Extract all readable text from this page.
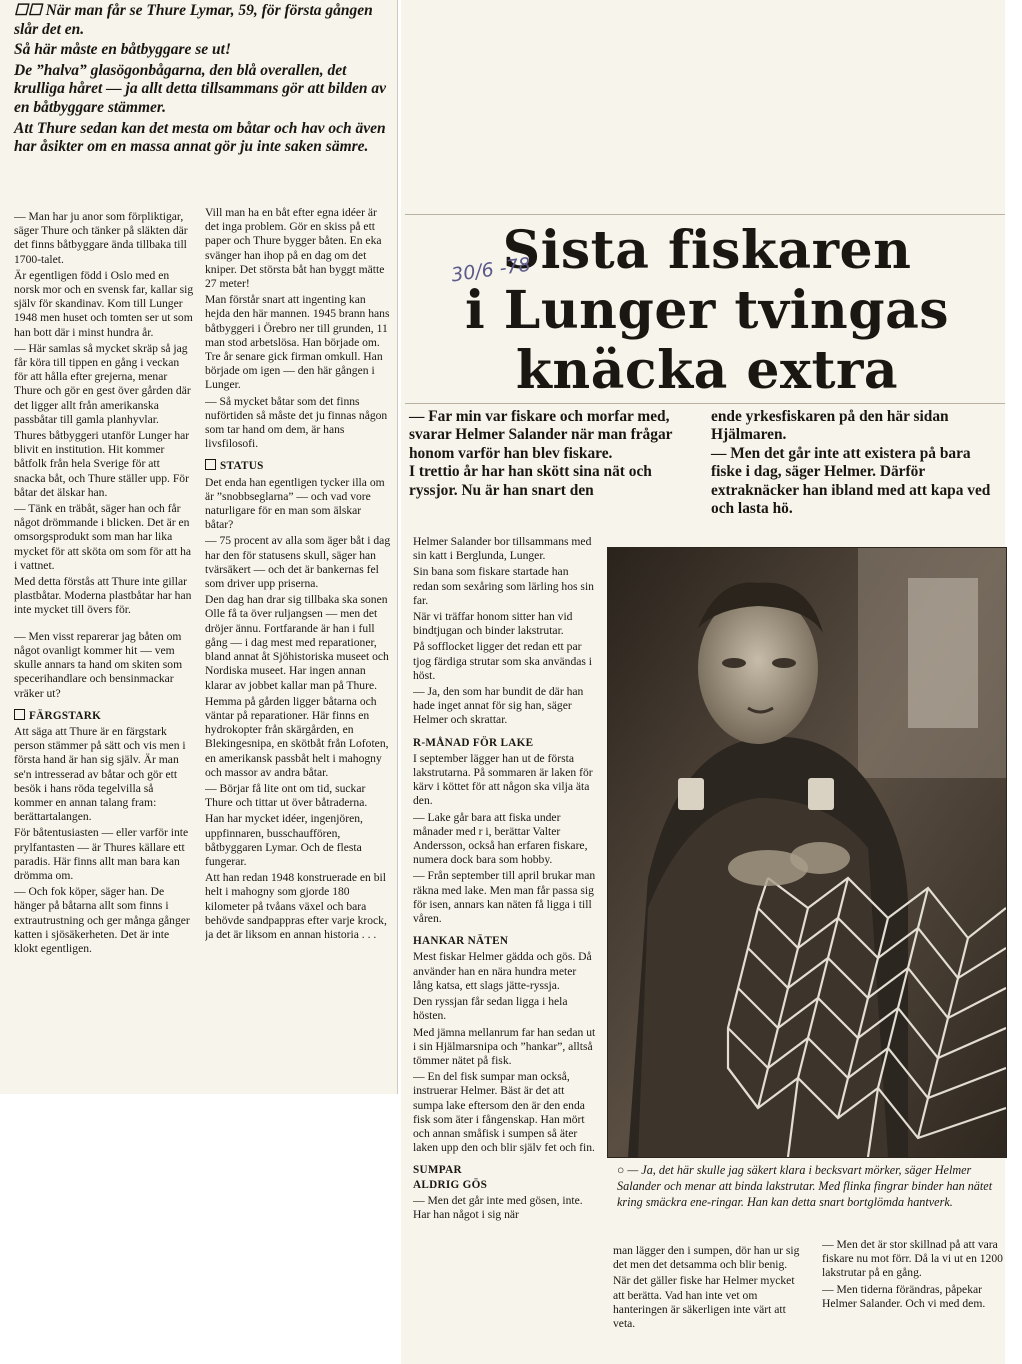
☐☐ När man får se Thure Lymar, 59, för första gången slår det en.

Så här måste en båtbyggare se ut!

De ”halva” glasögonbågarna, den blå overallen, det krulliga håret — ja allt detta tillsammans gör att bilden av en båtbyggare stämmer.

Att Thure sedan kan det mesta om båtar och hav och även har åsikter om en massa annat gör ju inte saken sämre.

— Man har ju anor som förpliktigar, säger Thure och tänker på släkten där det finns båtbyggare ända tillbaka till 1700-talet.

Är egentligen född i Oslo med en norsk mor och en svensk far, kallar sig själv för skandinav. Kom till Lunger 1948 men huset och tomten ser ut som han bott där i minst hundra år.

— Här samlas så mycket skräp så jag får köra till tippen en gång i veckan för att hålla efter grejerna, menar Thure och gör en gest över gården där det ligger allt från amerikanska passbåtar till gamla planhyvlar.

Thures båtbyggeri utanför Lunger har blivit en institution. Hit kommer båtfolk från hela Sverige för att snacka båt, och Thure ställer upp. För båtar det älskar han.

— Tänk en träbåt, säger han och får något drömmande i blicken. Det är en omsorgsprodukt som man har lika mycket för att sköta om som för att ha i vattnet.

Med detta förstås att Thure inte gillar plastbåtar. Moderna plastbåtar har han inte mycket till övers för.

— Men visst reparerar jag båten om något ovanligt kommer hit — vem skulle annars ta hand om skiten som specerihandlare och bensinmackar vräker ut?

FÄRGSTARK

Att säga att Thure är en färgstark person stämmer på sätt och vis men i första hand är han sig själv. Är man se'n intresserad av båtar och gör ett besök i hans röda tegelvilla så kommer en annan talang fram: berättartalangen.

För båtentusiasten — eller varför inte prylfantasten — är Thures källare ett paradis. Här finns allt man bara kan drömma om.

— Och fok köper, säger han. De hänger på båtarna allt som finns i extrautrustning och ger många gånger katten i sjösäkerheten. Det är inte klokt egentligen.

Vill man ha en båt efter egna idéer är det inga problem. Gör en skiss på ett paper och Thure bygger båten. En eka svänger han ihop på en dag om det kniper. Det största båt han byggt mätte 27 meter!

Man förstår snart att ingenting kan hejda den här mannen. 1945 brann hans båtbyggeri i Örebro ner till grunden, 11 man stod arbetslösa. Han började om. Tre år senare gick firman omkull. Han började om igen — den här gången i Lunger.

— Så mycket båtar som det finns nuförtiden så måste det ju finnas någon som tar hand om dem, är hans livsfilosofi.

STATUS

Det enda han egentligen tycker illa om är ”snobbseglarna” — och vad vore naturligare för en man som älskar båtar?

— 75 procent av alla som äger båt i dag har den för statusens skull, säger han tvärsäkert — och det är bankernas fel som driver upp priserna.

Den dag han drar sig tillbaka ska sonen Olle få ta över ruljangsen — men det dröjer ännu. Fortfarande är han i full gång — i dag mest med reparationer, bland annat åt Sjöhistoriska museet och Nordiska museet. Har ingen annan klarar av jobbet kallar man på Thure.

Hemma på gården ligger båtarna och väntar på reparationer. Här finns en hydrokopter från skärgården, en Blekingesnipa, en skötbåt från Lofoten, en amerikansk passbåt helt i mahogny och massor av andra båtar.

— Börjar få lite ont om tid, suckar Thure och tittar ut över båtraderna.

Han har mycket idéer, ingenjören, uppfinnaren, busschauffören, båtbyggaren Lymar. Och de flesta fungerar.

Att han redan 1948 konstruerade en bil helt i mahogny som gjorde 180 kilometer på tvåans växel och bara behövde sandpappras efter varje krock, ja det är liksom en annan historia . . .

Sista fiskaren
i Lunger tvingas
knäcka extra
30/6 -78

— Far min var fiskare och morfar med, svarar Helmer Salander när man frågar honom varför han blev fiskare.
I trettio år har han skött sina nät och ryssjor. Nu är han snart den

ende yrkesfiskaren på den här sidan Hjälmaren.
— Men det går inte att existera på bara fiske i dag, säger Helmer. Därför extraknäcker han ibland med att kapa ved och lasta hö.

Helmer Salander bor tillsammans med sin katt i Berglunda, Lunger.

Sin bana som fiskare startade han redan som sexåring som lärling hos sin far.

När vi träffar honom sitter han vid bindtjugan och binder lakstrutar.

På sofflocket ligger det redan ett par tjog färdiga strutar som ska användas i höst.

— Ja, den som har bundit de där han hade inget annat för sig han, säger Helmer och skrattar.

R-MÅNAD FÖR LAKE

I september lägger han ut de första lakstrutarna. På sommaren är laken för kärv i köttet för att någon ska vilja äta den.

— Lake går bara att fiska under månader med r i, berättar Valter Andersson, också han erfaren fiskare, numera dock bara som hobby.

— Från september till april brukar man räkna med lake. Men man får passa sig för isen, annars kan näten få ligga i till våren.

HANKAR NÄTEN

Mest fiskar Helmer gädda och gös. Då använder han en nära hundra meter lång katsa, ett slags jätte-ryssja.

Den ryssjan får sedan ligga i hela hösten.

Med jämna mellanrum far han sedan ut i sin Hjälmarsnipa och ”hankar”, alltså tömmer nätet på fisk.

— En del fisk sumpar man också, instruerar Helmer. Bäst är det att sumpa lake eftersom den är den enda fisk som äter i fångenskap. Han mört och annan småfisk i sumpen så äter laken upp den och blir själv fet och fin.

SUMPAR
ALDRIG GÖS

— Men det går inte med gösen, inte. Har han något i sig när

man lägger den i sumpen, dör han ur sig det men det detsamma och blir benig.

När det gäller fiske har Helmer mycket att berätta. Vad han inte vet om hanteringen är säkerligen inte värt att veta.

— Men det är stor skillnad på att vara fiskare nu mot förr. Då la vi ut en 1200 lakstrutar på en gång.

— Men tiderna förändras, påpekar Helmer Salander. Och vi med dem.

○ — Ja, det här skulle jag säkert klara i becksvart mörker, säger Helmer Salander och menar att binda lakstrutar. Med flinka fingrar binder han nätet kring smäckra ene-ringar. Han kan detta snart bortglömda hantverk.
